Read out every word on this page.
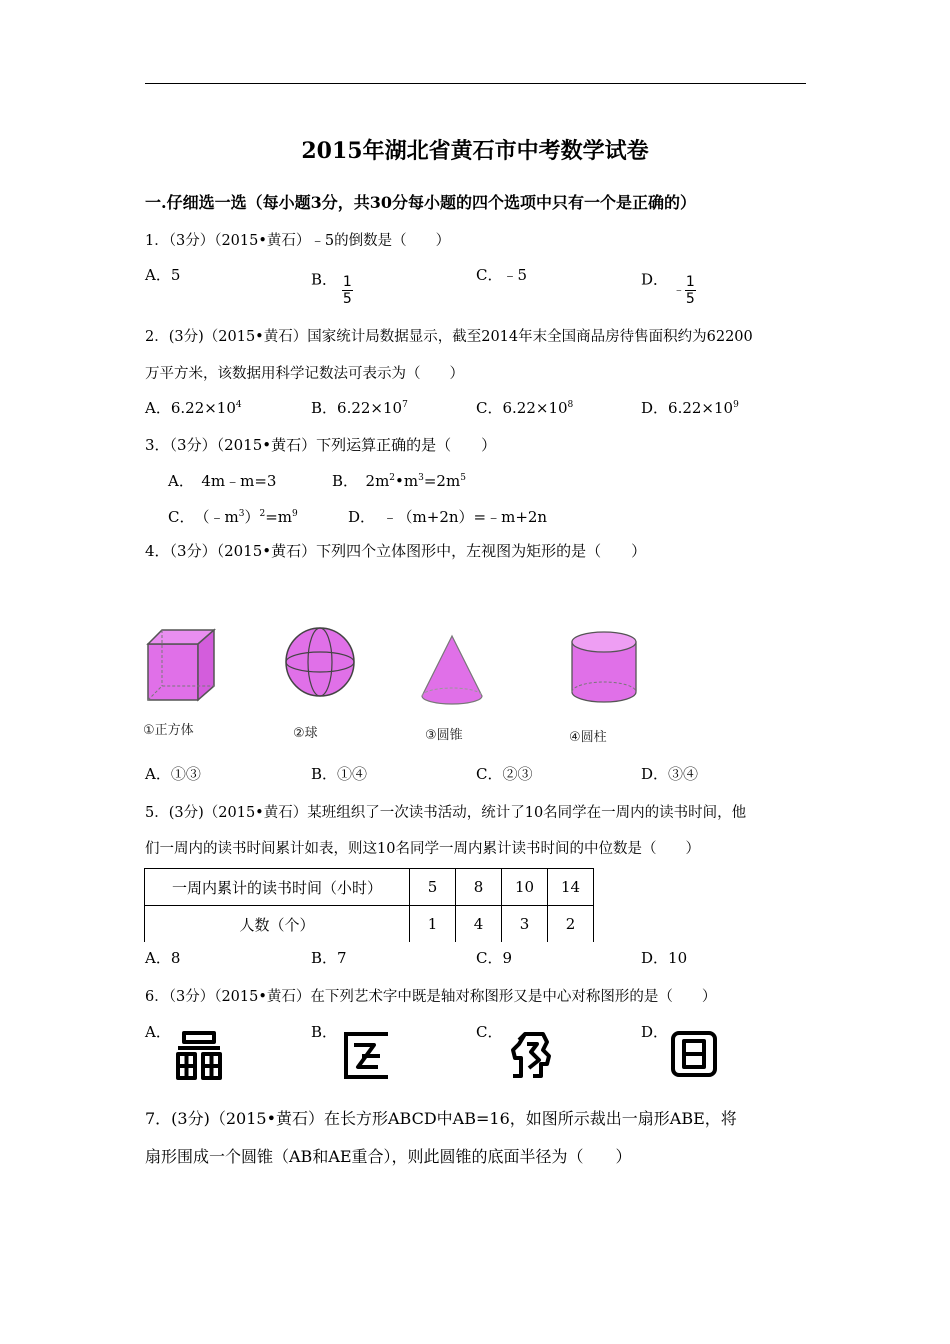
2015年湖北省黄石市中考数学试卷
一.仔细选一选（每小题3分，共30分每小题的四个选项中只有一个是正确的）
1．（3分）（2015•黄石）﹣5的倒数是（　　）
A．5	B． $\frac{1}{5}$	C．﹣5	D． $_﹣ \frac{1}{5}$
2．(3分)（2015•黄石）国家统计局数据显示，截至2014年末全国商品房待售面积约为62200
万平方米，该数据用科学记数法可表示为（　　）
A．$6.22\times 10^4$	B．$6.22\times 10^7$	C．$6.22\times 10^8$	D．$6.22\times 10^9$
3．（3分）（2015•黄石）下列运算正确的是（　　）
A．　4m﹣m=3	B．　$2m^2•m^3=2m^5$
C．　$(﹣m^3)^2=m^9$	D．　﹣（m+2n）=﹣m+2n
4．（3分）（2015•黄石）下列四个立体图形中，左视图为矩形的是（　　）
①正方体	②球	③圆锥	④圆柱
A．①③	B．①④	C．②③	D．③④
5．(3分)（2015•黄石）某班组织了一次读书活动，统计了10名同学在一周内的读书时间，他
们一周内的读书时间累计如表，则这10名同学一周内累计读书时间的中位数是（　　）
一周内累计的读书时间（小时）	5	8	10	14
人数（个）	1	4	3	2
A．8	B．7	C．9	D．10
6．（3分）（2015•黄石）在下列艺术字中既是轴对称图形又是中心对称图形的是（　　）
A．	B．	C．	D．
7．(3分)（2015•黄石）在长方形ABCD中AB=16，如图所示裁出一扇形ABE，将
扇形围成一个圆锥（AB和AE重合），则此圆锥的底面半径为（　　）
